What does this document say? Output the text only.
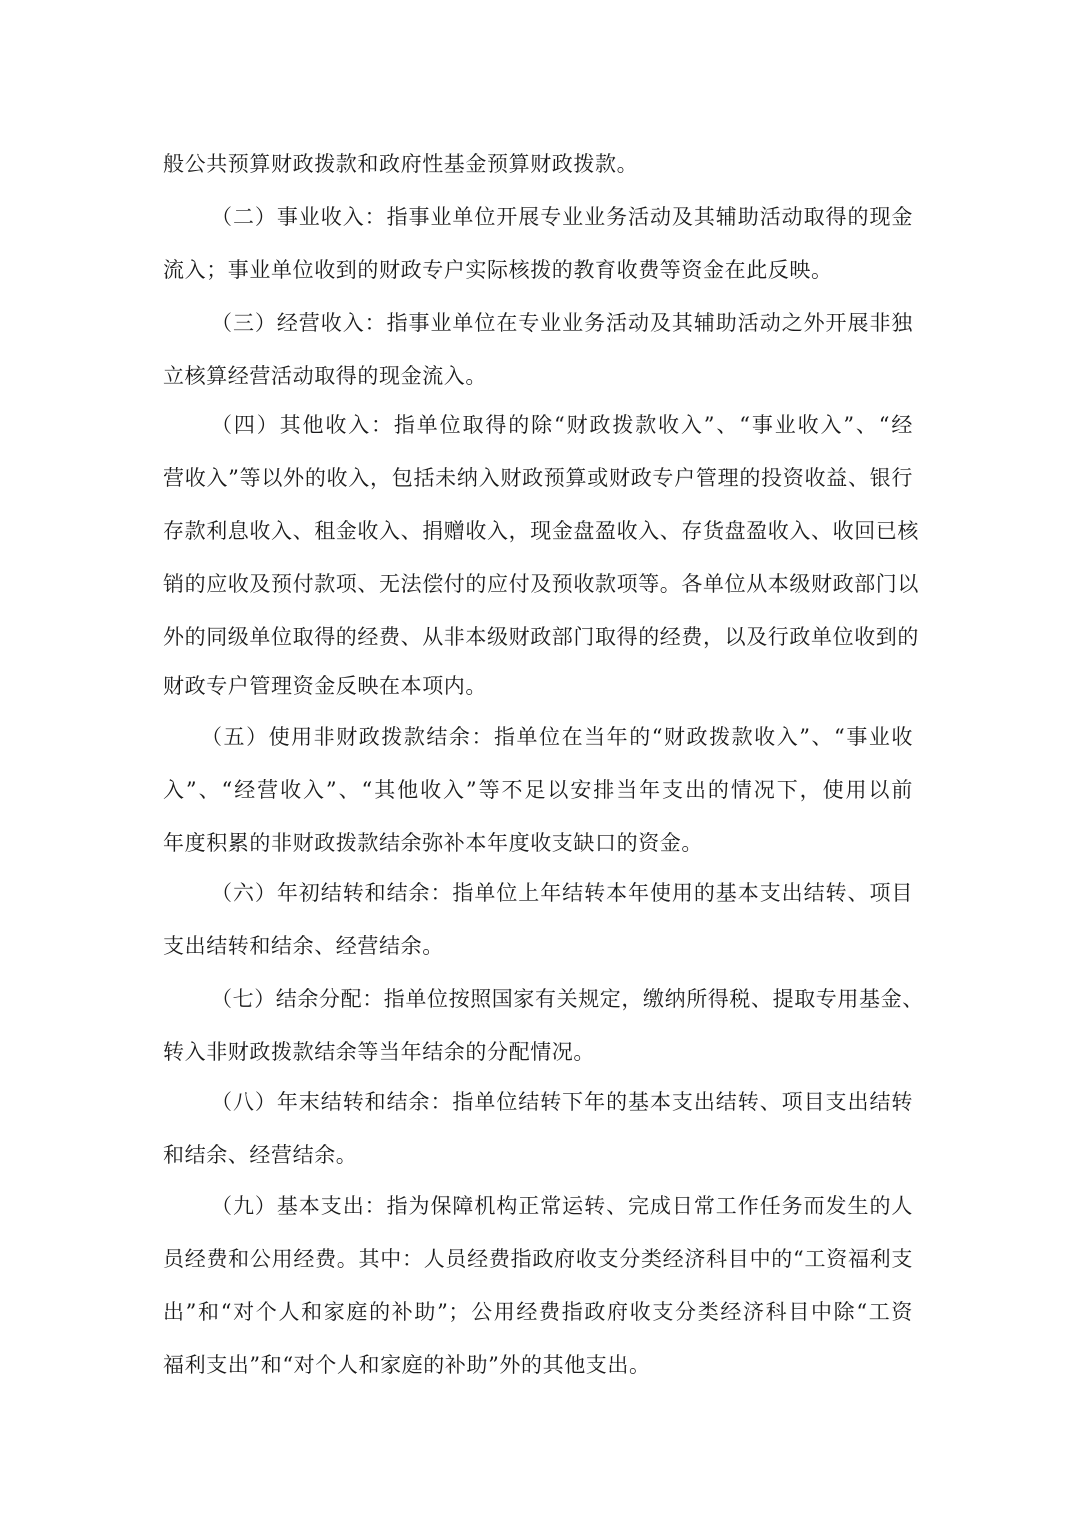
般公共预算财政拨款和政府性基金预算财政拨款。
（二）事业收入：指事业单位开展专业业务活动及其辅助活动取得的现金
流入；事业单位收到的财政专户实际核拨的教育收费等资金在此反映。
（三）经营收入：指事业单位在专业业务活动及其辅助活动之外开展非独
立核算经营活动取得的现金流入。
（四）其他收入：指单位取得的除“财政拨款收入”、“事业收入”、“经
营收入”等以外的收入，包括未纳入财政预算或财政专户管理的投资收益、银行
存款利息收入、租金收入、捐赠收入，现金盘盈收入、存货盘盈收入、收回已核
销的应收及预付款项、无法偿付的应付及预收款项等。各单位从本级财政部门以
外的同级单位取得的经费、从非本级财政部门取得的经费，以及行政单位收到的
财政专户管理资金反映在本项内。
（五）使用非财政拨款结余：指单位在当年的“财政拨款收入”、“事业收
入”、“经营收入”、“其他收入”等不足以安排当年支出的情况下，使用以前
年度积累的非财政拨款结余弥补本年度收支缺口的资金。
（六）年初结转和结余：指单位上年结转本年使用的基本支出结转、项目
支出结转和结余、经营结余。
（七）结余分配：指单位按照国家有关规定，缴纳所得税、提取专用基金、
转入非财政拨款结余等当年结余的分配情况。
（八）年末结转和结余：指单位结转下年的基本支出结转、项目支出结转
和结余、经营结余。
（九）基本支出：指为保障机构正常运转、完成日常工作任务而发生的人
员经费和公用经费。其中：人员经费指政府收支分类经济科目中的“工资福利支
出”和“对个人和家庭的补助”；公用经费指政府收支分类经济科目中除“工资
福利支出”和“对个人和家庭的补助”外的其他支出。
